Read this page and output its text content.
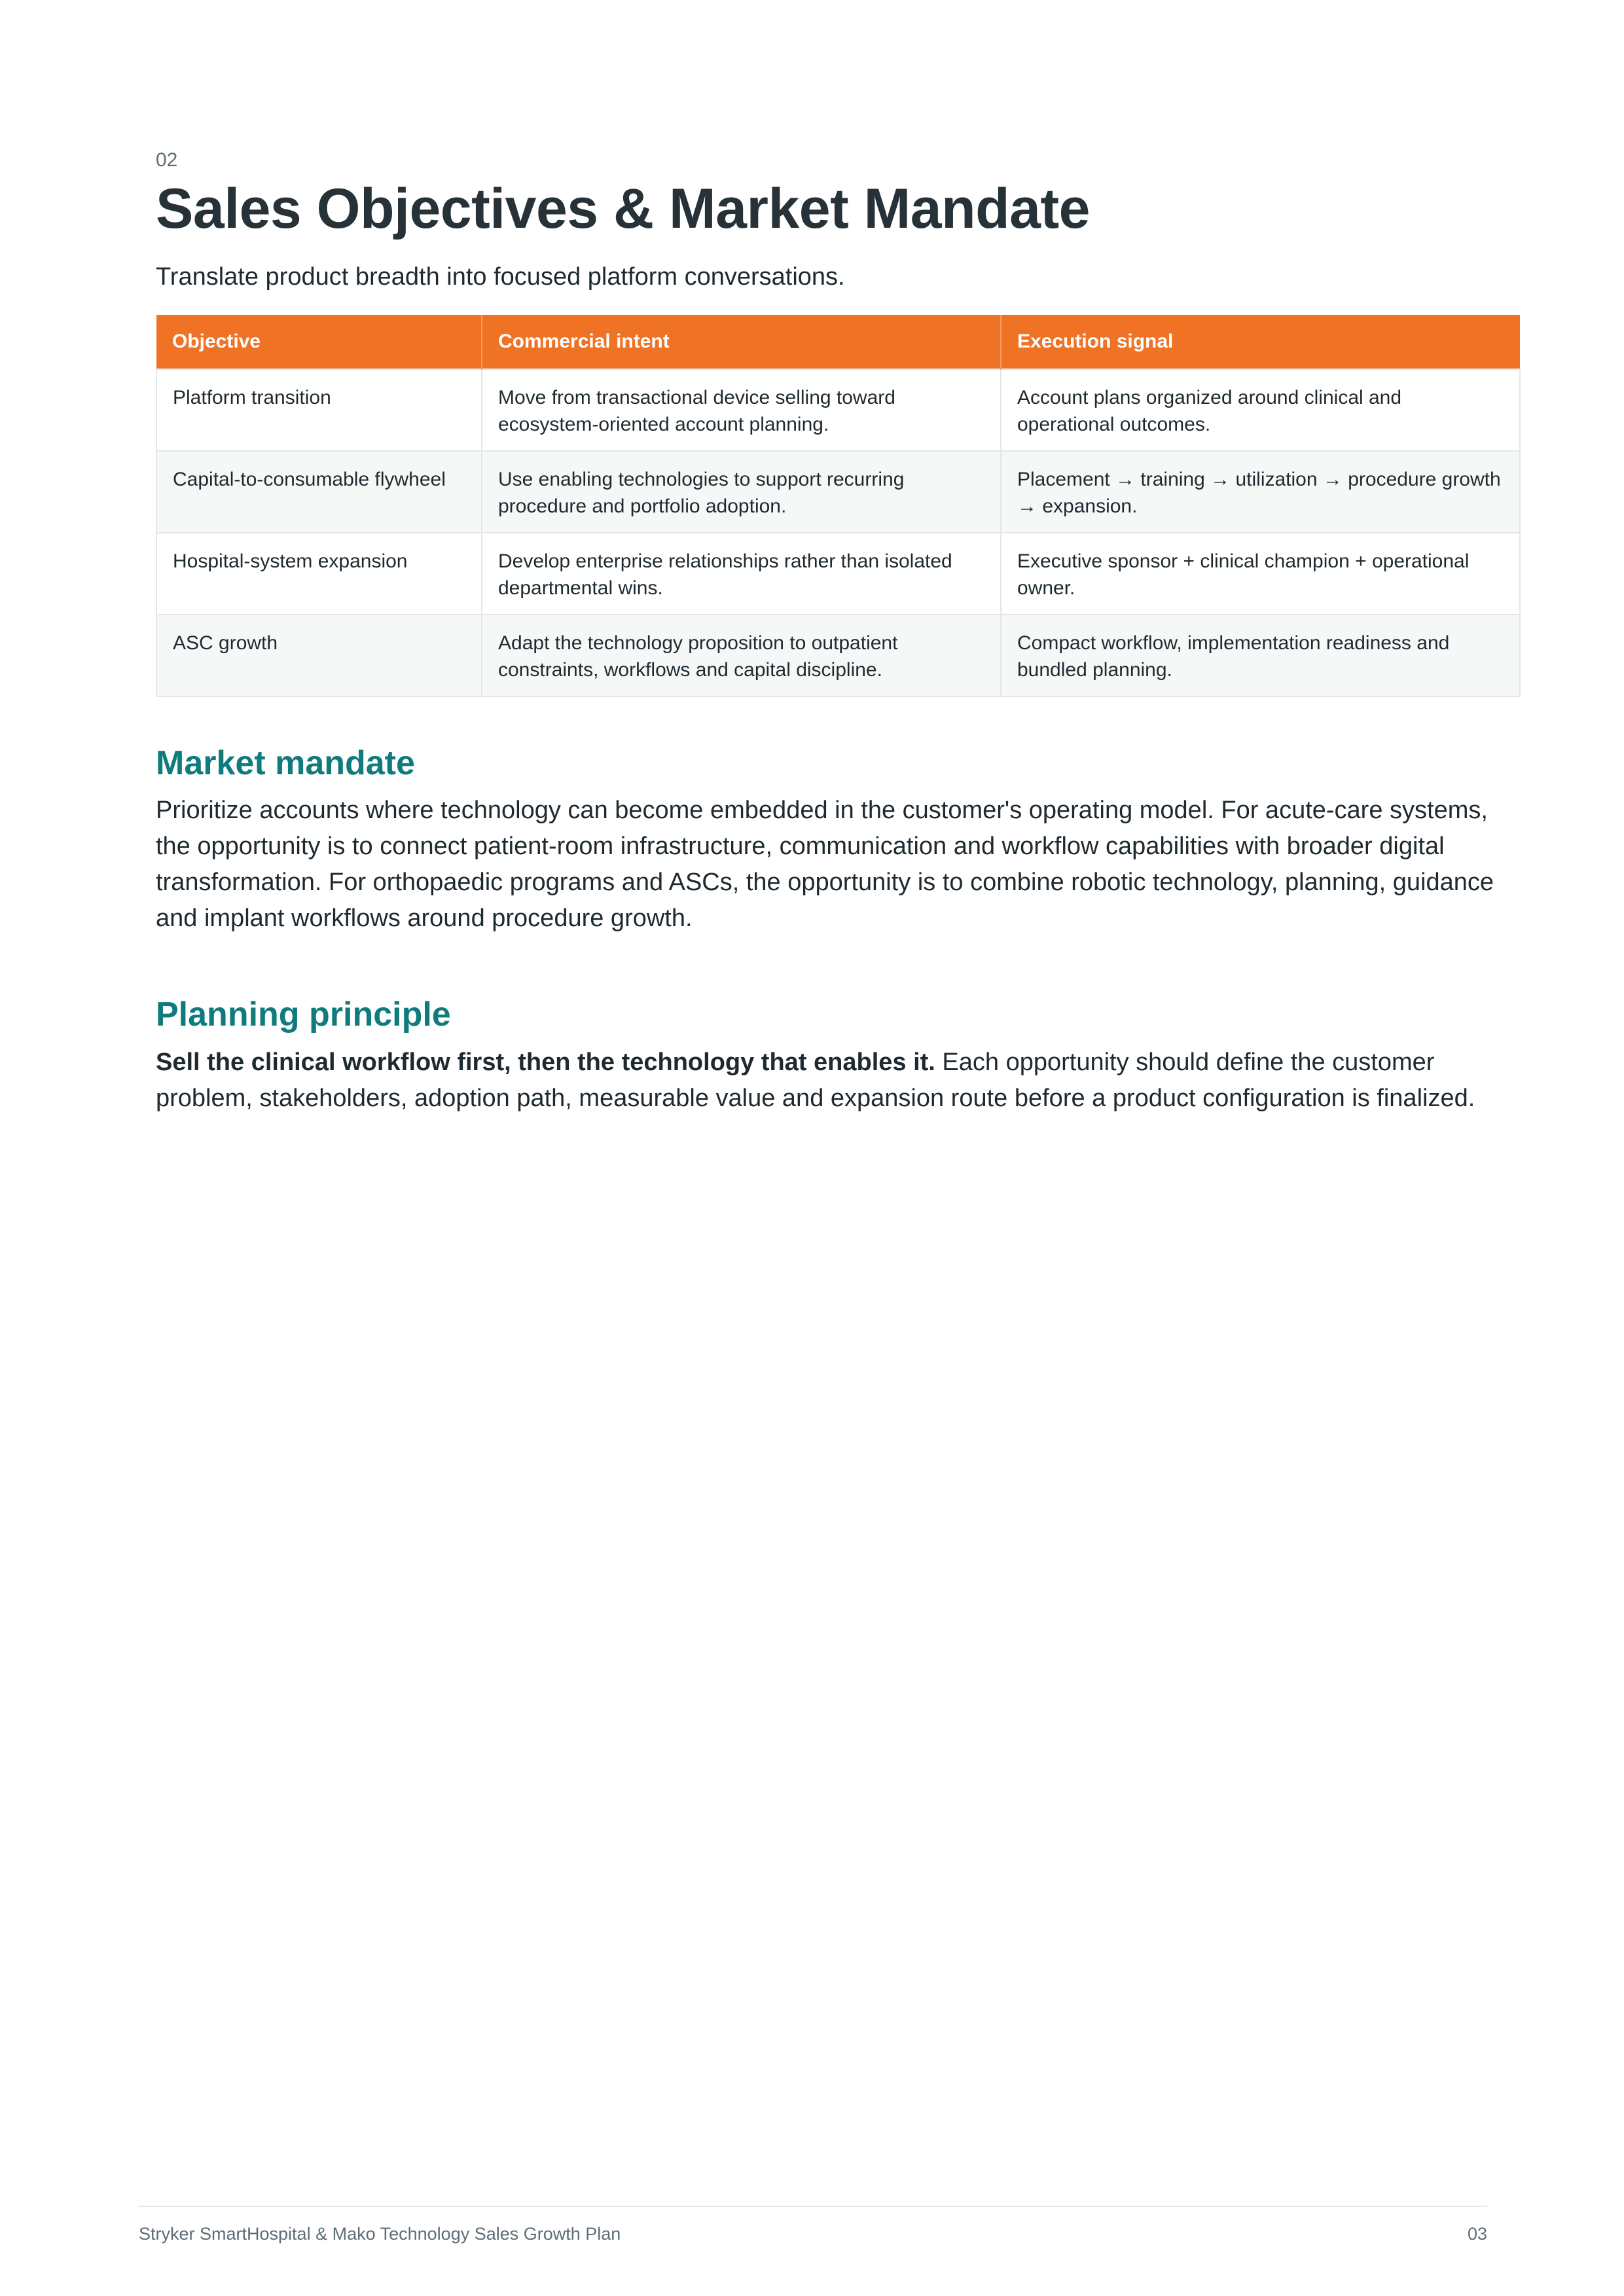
02
Sales Objectives & Market Mandate
Translate product breadth into focused platform conversations.
Objective	Commercial intent	Execution signal
Platform transition	Move from transactional device selling toward ecosystem-oriented account planning.	Account plans organized around clinical and operational outcomes.
Capital-to-consumable flywheel	Use enabling technologies to support recurring procedure and portfolio adoption.	Placement → training → utilization → procedure growth → expansion.
Hospital-system expansion	Develop enterprise relationships rather than isolated departmental wins.	Executive sponsor + clinical champion + operational owner.
ASC growth	Adapt the technology proposition to outpatient constraints, workflows and capital discipline.	Compact workflow, implementation readiness and bundled planning.
Market mandate

Prioritize accounts where technology can become embedded in the customer's operating model. For acute-care systems, the opportunity is to connect patient-room infrastructure, communication and workflow capabilities with broader digital transformation. For orthopaedic programs and ASCs, the opportunity is to combine robotic technology, planning, guidance and implant workflows around procedure growth.

Planning principle

Sell the clinical workflow first, then the technology that enables it. Each opportunity should define the customer problem, stakeholders, adoption path, measurable value and expansion route before a product configuration is finalized.

Stryker SmartHospital & Mako Technology Sales Growth Plan	03
